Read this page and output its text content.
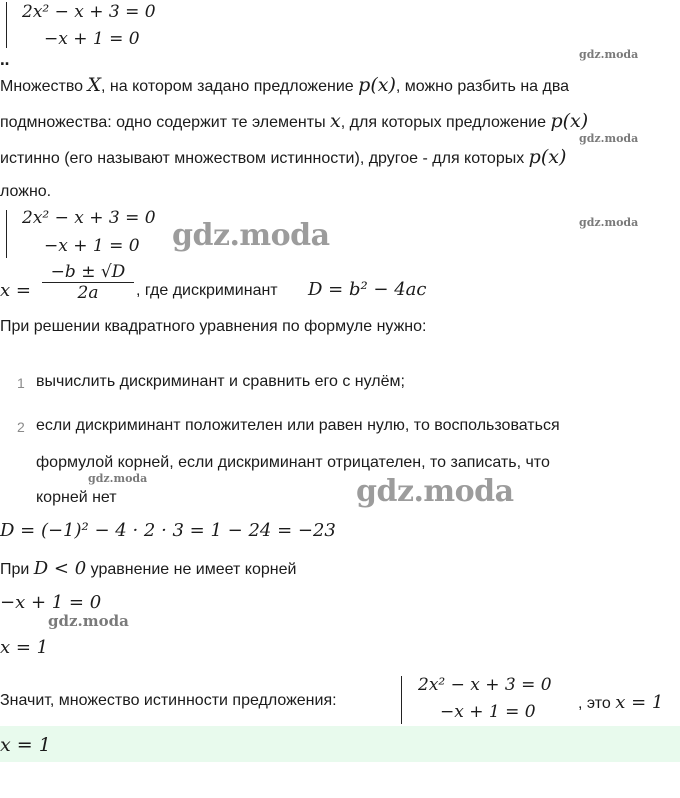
2x² − x + 3 = 0
−x + 1 = 0
‥	gdz.moda
Множество X, на котором задано предложение p(x), можно разбить на два
подмножества: одно содержит те элементы x, для которых предложение p(x)
gdz.moda
истинно (его называют множеством истинности), другое - для которых p(x)
ложно.
2x² − x + 3 = 0
−x + 1 = 0 gdz.moda	gdz.moda
x =
−b ± √D
2a	, где дискриминант D = b² − 4ac
При решении квадратного уравнения по формуле нужно:
1 вычислить дискриминант и сравнить его с нулём;
2 если дискриминант положителен или равен нулю, то воспользоваться
формулой корней, если дискриминант отрицателен, то записать, что
gdz.moda
корней нет	gdz.moda
D = (−1)² − 4 · 2 · 3 = 1 − 24 = −23
При D < 0 уравнение не имеет корней
−x + 1 = 0
gdz.moda
x = 1
Значит, множество истинности предложения:
2x² − x + 3 = 0
−x + 1 = 0	, это x = 1
x = 1
